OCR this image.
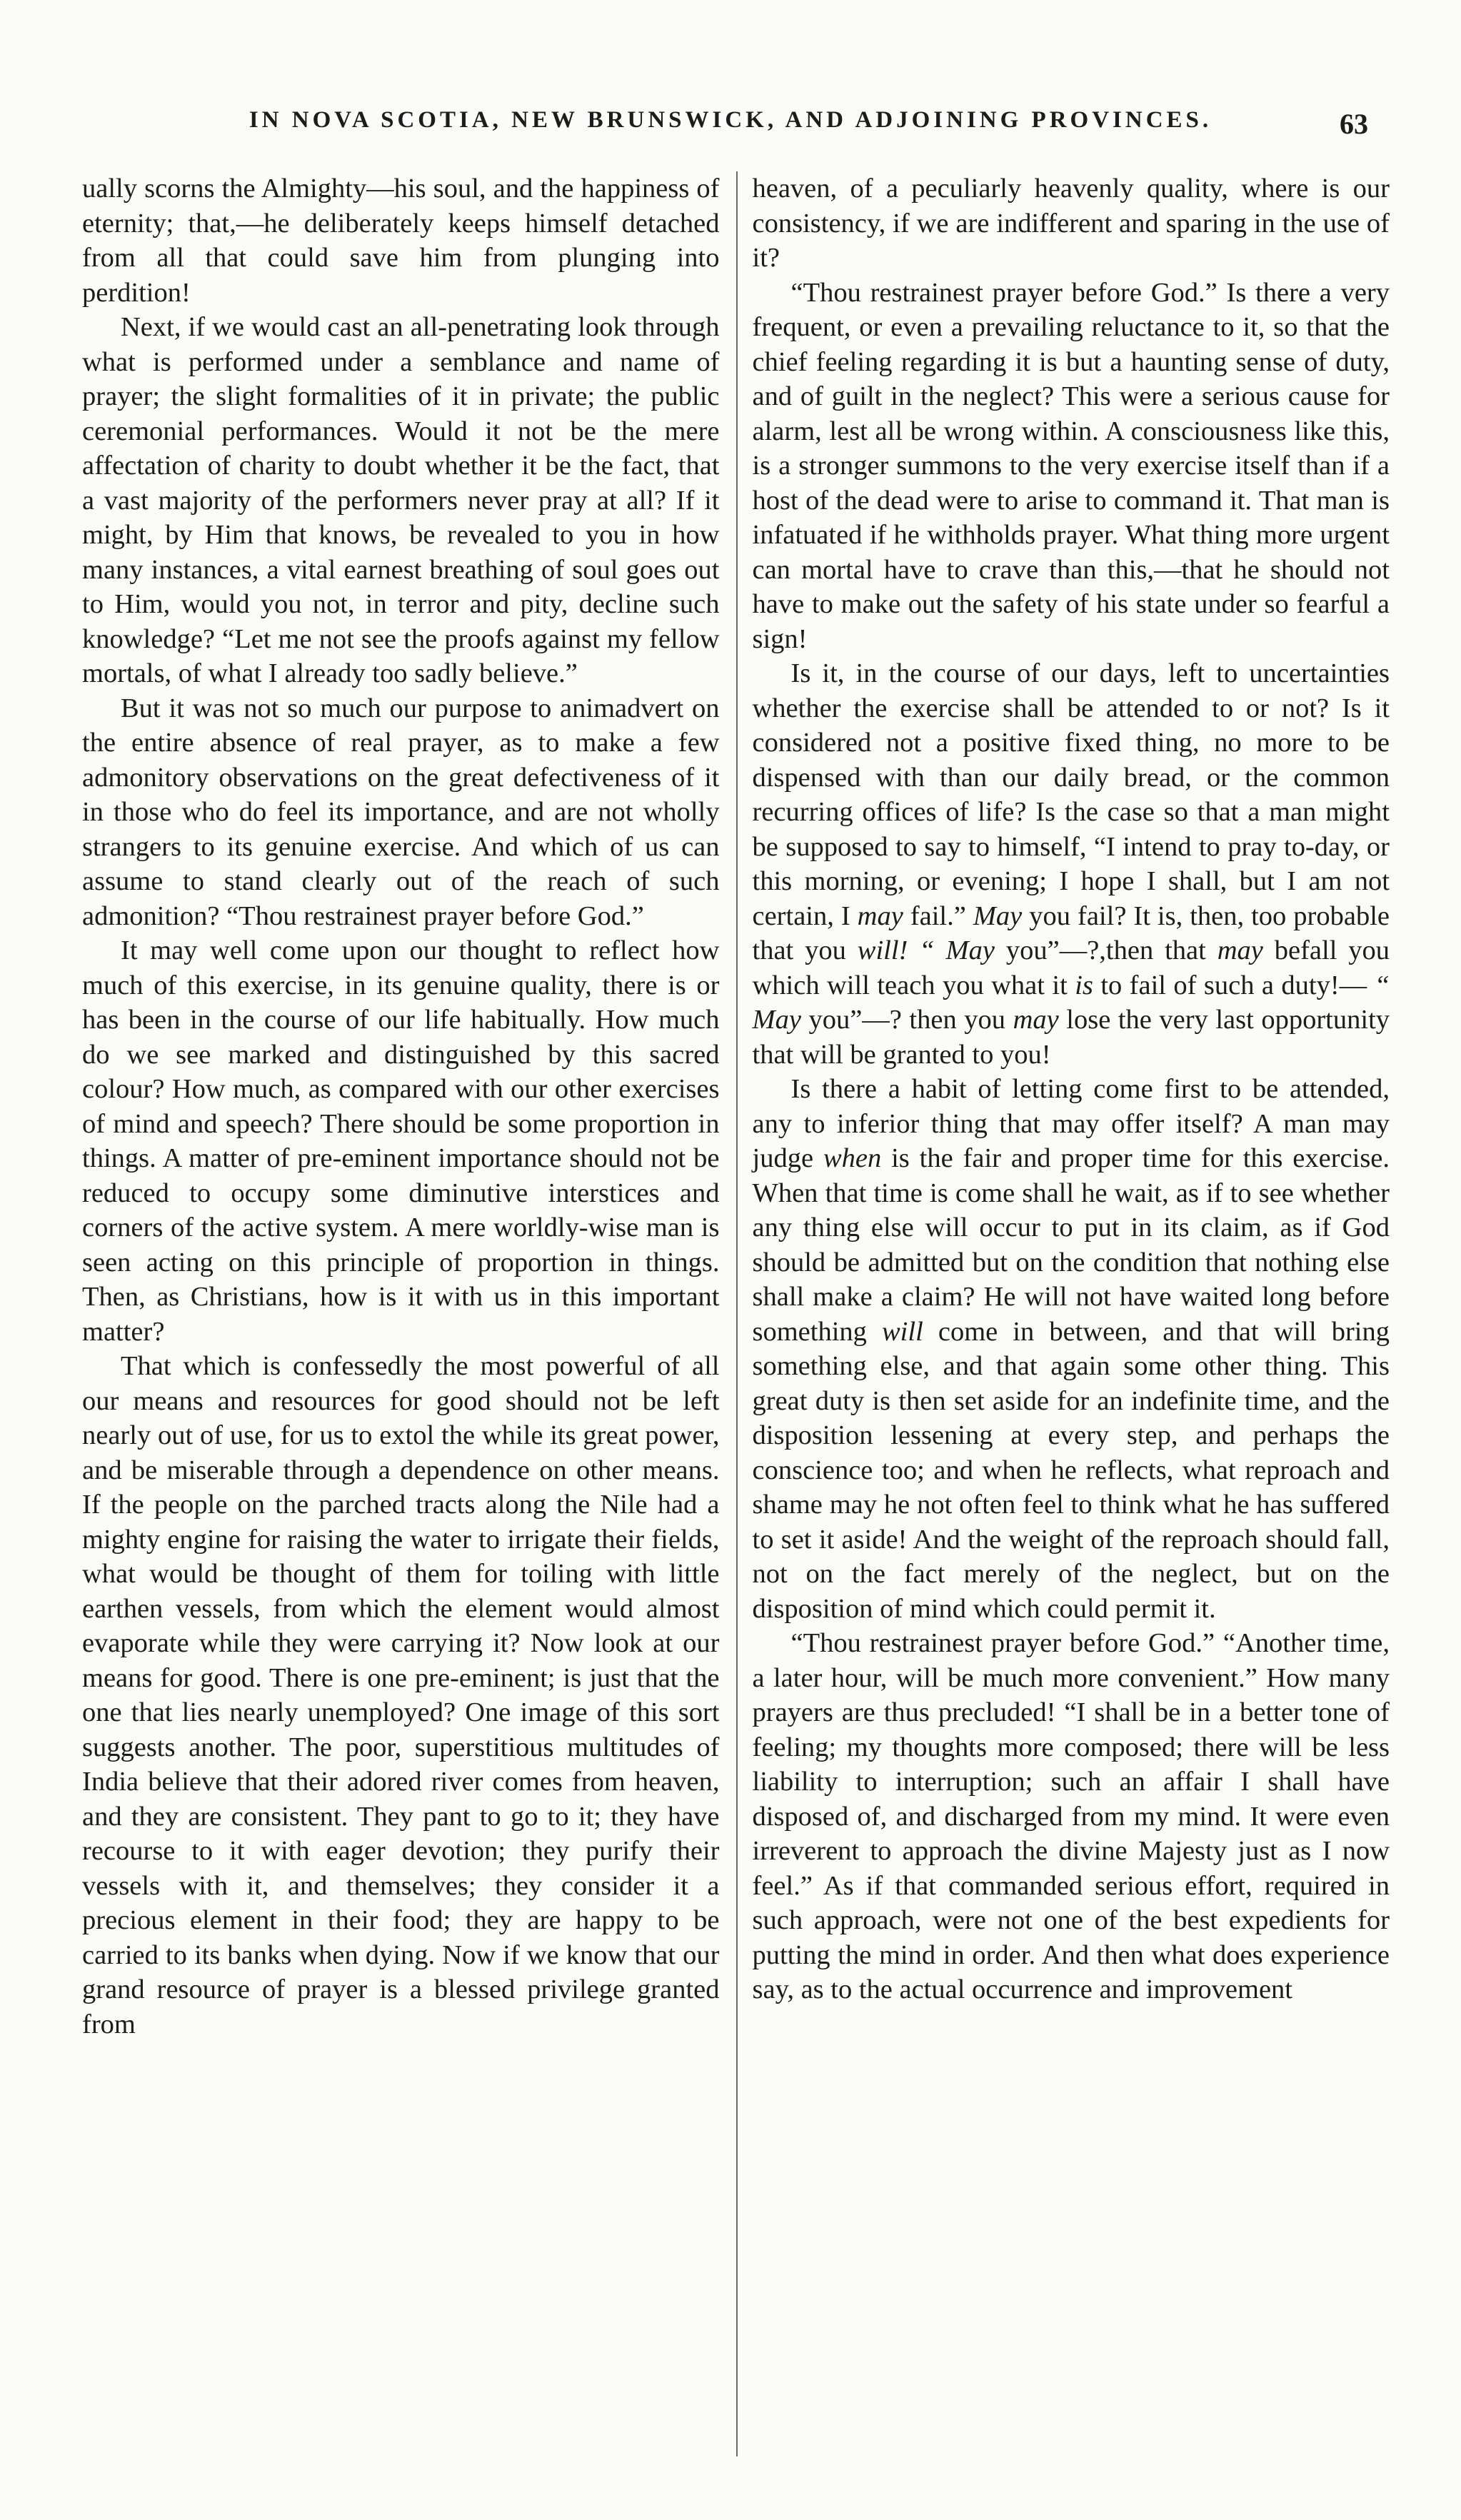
IN NOVA SCOTIA, NEW BRUNSWICK, AND ADJOINING PROVINCES.	63

ually scorns the Almighty—his soul, and the happiness of eternity; that,—he deliberately keeps himself detached from all that could save him from plunging into perdition!

Next, if we would cast an all-penetrating look through what is performed under a semblance and name of prayer; the slight formalities of it in private; the public ceremonial performances. Would it not be the mere affectation of charity to doubt whether it be the fact, that a vast majority of the performers never pray at all? If it might, by Him that knows, be revealed to you in how many instances, a vital earnest breathing of soul goes out to Him, would you not, in terror and pity, decline such knowledge? “Let me not see the proofs against my fellow mortals, of what I already too sadly believe.”

But it was not so much our purpose to animadvert on the entire absence of real prayer, as to make a few admonitory observations on the great defectiveness of it in those who do feel its importance, and are not wholly strangers to its genuine exercise. And which of us can assume to stand clearly out of the reach of such admonition? “Thou restrainest prayer before God.”

It may well come upon our thought to reflect how much of this exercise, in its genuine quality, there is or has been in the course of our life habitually. How much do we see marked and distinguished by this sacred colour? How much, as compared with our other exercises of mind and speech? There should be some proportion in things. A matter of pre-eminent importance should not be reduced to occupy some diminutive interstices and corners of the active system. A mere worldly-wise man is seen acting on this principle of proportion in things. Then, as Christians, how is it with us in this important matter?

That which is confessedly the most powerful of all our means and resources for good should not be left nearly out of use, for us to extol the while its great power, and be miserable through a dependence on other means. If the people on the parched tracts along the Nile had a mighty engine for raising the water to irrigate their fields, what would be thought of them for toiling with little earthen vessels, from which the element would almost evaporate while they were carrying it? Now look at our means for good. There is one pre-eminent; is just that the one that lies nearly unemployed? One image of this sort suggests another. The poor, superstitious multitudes of India believe that their adored river comes from heaven, and they are consistent. They pant to go to it; they have recourse to it with eager devotion; they purify their vessels with it, and themselves; they consider it a precious element in their food; they are happy to be carried to its banks when dying. Now if we know that our grand resource of prayer is a blessed privilege granted from

heaven, of a peculiarly heavenly quality, where is our consistency, if we are indifferent and sparing in the use of it?

“Thou restrainest prayer before God.” Is there a very frequent, or even a prevailing reluctance to it, so that the chief feeling regarding it is but a haunting sense of duty, and of guilt in the neglect? This were a serious cause for alarm, lest all be wrong within. A consciousness like this, is a stronger summons to the very exercise itself than if a host of the dead were to arise to command it. That man is infatuated if he withholds prayer. What thing more urgent can mortal have to crave than this,—that he should not have to make out the safety of his state under so fearful a sign!

Is it, in the course of our days, left to uncertainties whether the exercise shall be attended to or not? Is it considered not a positive fixed thing, no more to be dispensed with than our daily bread, or the common recurring offices of life? Is the case so that a man might be supposed to say to himself, “I intend to pray to-day, or this morning, or evening; I hope I shall, but I am not certain, I may fail.” May you fail? It is, then, too probable that you will! “ May you”—?,then that may befall you which will teach you what it is to fail of such a duty!— “ May you”—? then you may lose the very last opportunity that will be granted to you!

Is there a habit of letting come first to be attended, any to inferior thing that may offer itself? A man may judge when is the fair and proper time for this exercise. When that time is come shall he wait, as if to see whether any thing else will occur to put in its claim, as if God should be admitted but on the condition that nothing else shall make a claim? He will not have waited long before something will come in between, and that will bring something else, and that again some other thing. This great duty is then set aside for an indefinite time, and the disposition lessening at every step, and perhaps the conscience too; and when he reflects, what reproach and shame may he not often feel to think what he has suffered to set it aside! And the weight of the reproach should fall, not on the fact merely of the neglect, but on the disposition of mind which could permit it.

“Thou restrainest prayer before God.” “Another time, a later hour, will be much more convenient.” How many prayers are thus precluded! “I shall be in a better tone of feeling; my thoughts more composed; there will be less liability to interruption; such an affair I shall have disposed of, and discharged from my mind. It were even irreverent to approach the divine Majesty just as I now feel.” As if that commanded serious effort, required in such approach, were not one of the best expedients for putting the mind in order. And then what does experience say, as to the actual occurrence and improvement
